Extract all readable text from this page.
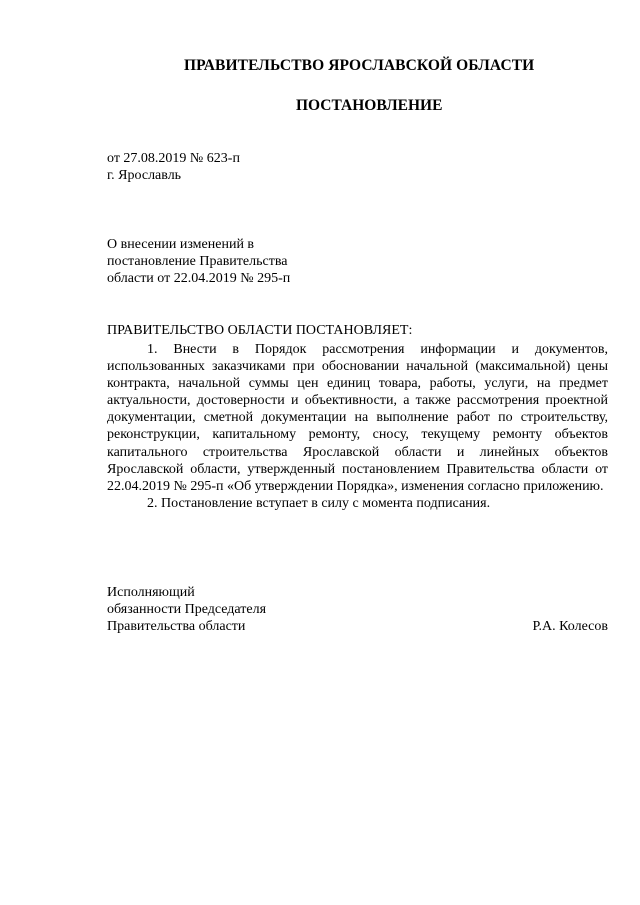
ПРАВИТЕЛЬСТВО ЯРОСЛАВСКОЙ ОБЛАСТИ
ПОСТАНОВЛЕНИЕ
от 27.08.2019 № 623-п
г. Ярославль
О внесении изменений в
постановление Правительства
области от 22.04.2019 № 295-п
ПРАВИТЕЛЬСТВО ОБЛАСТИ ПОСТАНОВЛЯЕТ:

1. Внести в Порядок рассмотрения информации и документов, использованных заказчиками при обосновании начальной (максимальной) цены контракта, начальной суммы цен единиц товара, работы, услуги, на предмет актуальности, достоверности и объективности, а также рассмотрения проектной документации, сметной документации на выполнение работ по строительству, реконструкции, капитальному ремонту, сносу, текущему ремонту объектов капитального строительства Ярославской области и линейных объектов Ярославской области, утвержденный постановлением Правительства области от 22.04.2019 № 295-п «Об утверждении Порядка», изменения согласно приложению.

2. Постановление вступает в силу с момента подписания.

Исполняющий
обязанности Председателя
Правительства области	Р.А. Колесов
